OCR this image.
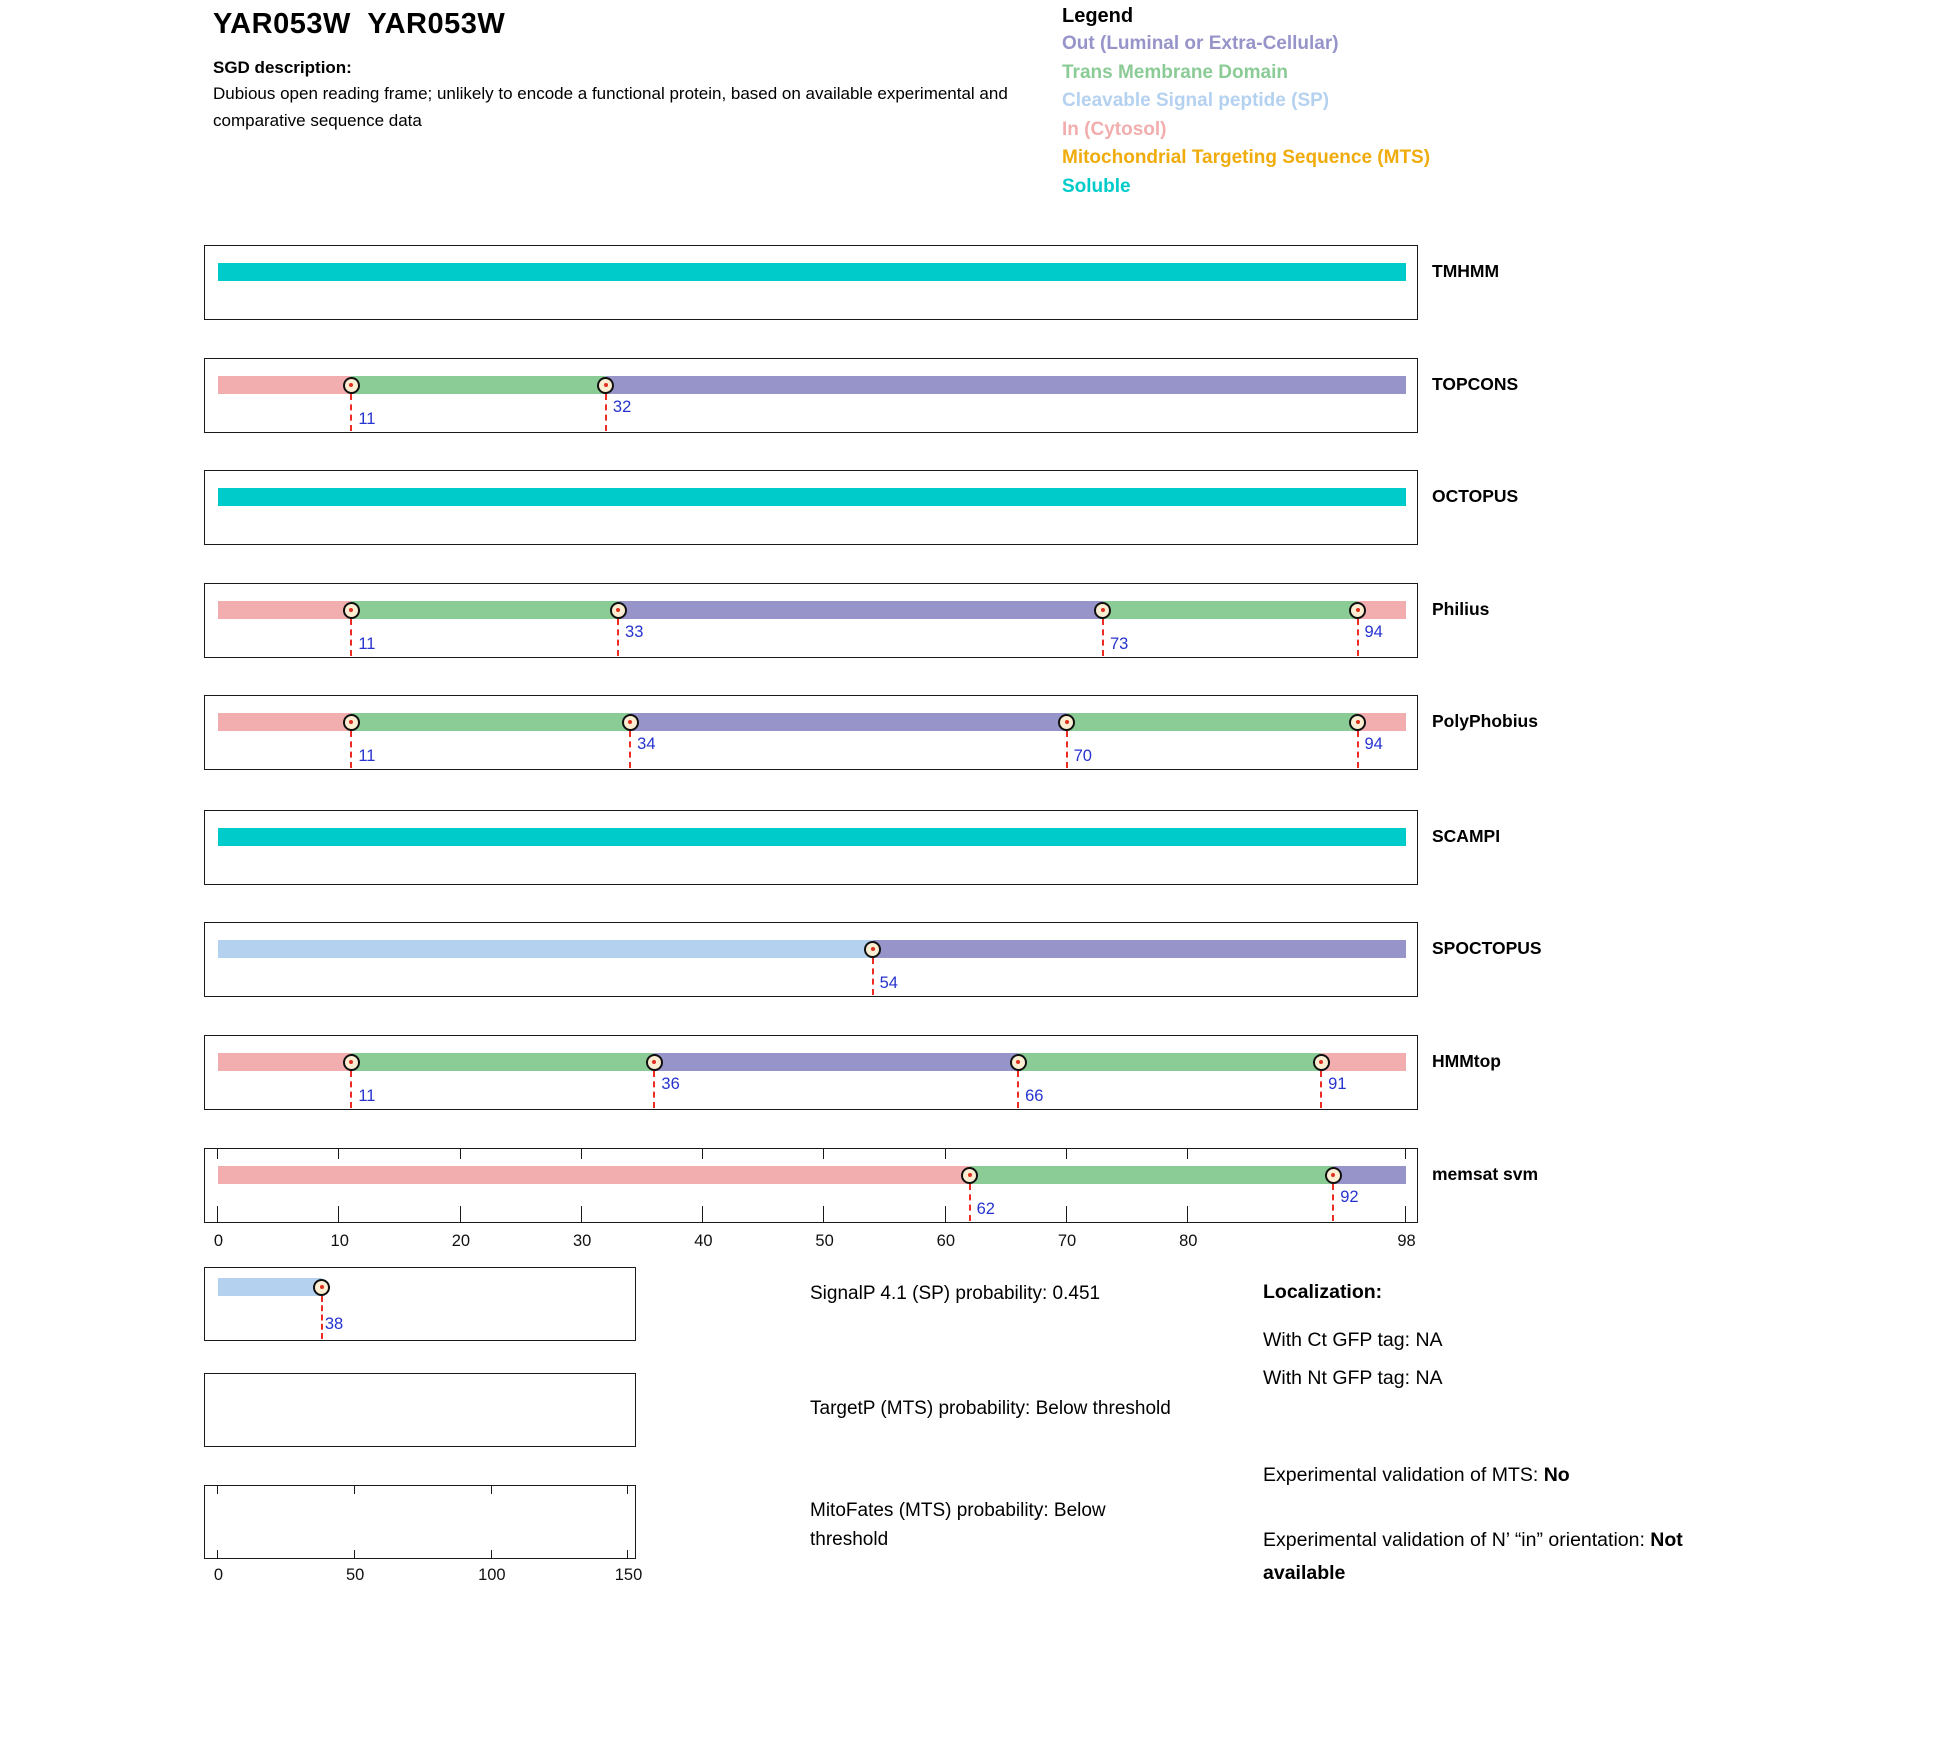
YAR053W  YAR053W
SGD description:
Dubious open reading frame; unlikely to encode a functional protein, based on available experimental and comparative sequence data
Legend
Out (Luminal or Extra-Cellular)
Trans Membrane Domain
Cleavable Signal peptide (SP)
In (Cytosol)
Mitochondrial Targeting Sequence (MTS)
Soluble
TMHMM
11
32
TOPCONS
OCTOPUS
11
33
73
94
Philius
11
34
70
94
PolyPhobius
SCAMPI
54
SPOCTOPUS
11
36
66
91
HMMtop
62
92
memsat svm
0	10	20	30	40	50	60	70	80	98
38
SignalP 4.1 (SP) probability: 0.451
TargetP (MTS) probability: Below threshold
0	50	100	150
MitoFates (MTS) probability: Below threshold
Localization:
With Ct GFP tag: NA
With Nt GFP tag: NA
Experimental validation of MTS: No
Experimental validation of N’ “in” orientation: Not available
